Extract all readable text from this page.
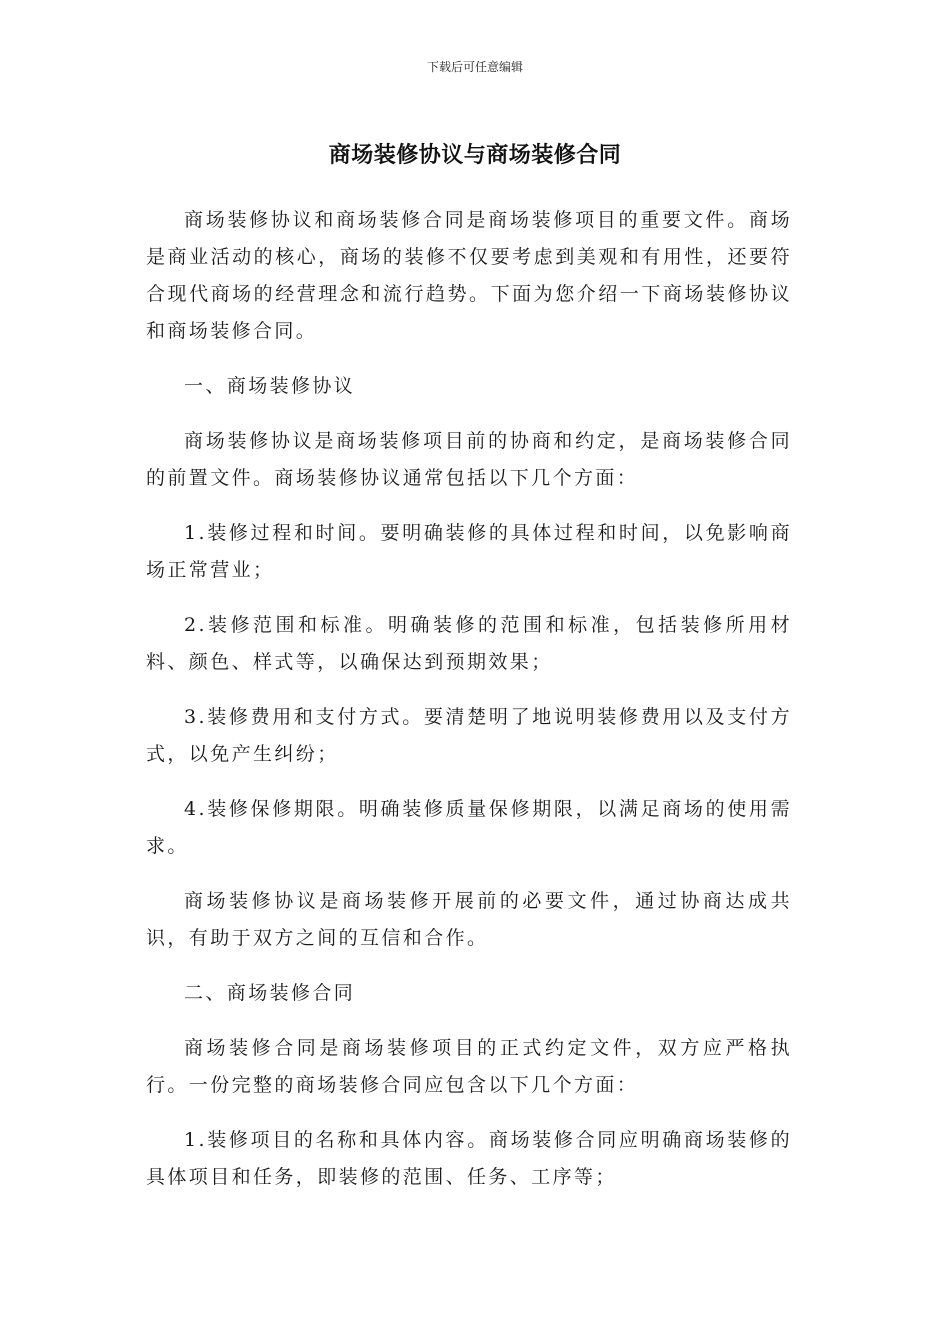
下载后可任意编辑
商场装修协议与商场装修合同

商场装修协议和商场装修合同是商场装修项目的重要文件。商场是商业活动的核心，商场的装修不仅要考虑到美观和有用性，还要符合现代商场的经营理念和流行趋势。下面为您介绍一下商场装修协议和商场装修合同。

一、商场装修协议

商场装修协议是商场装修项目前的协商和约定，是商场装修合同的前置文件。商场装修协议通常包括以下几个方面：

1.装修过程和时间。要明确装修的具体过程和时间，以免影响商场正常营业；

2.装修范围和标准。明确装修的范围和标准，包括装修所用材料、颜色、样式等，以确保达到预期效果；

3.装修费用和支付方式。要清楚明了地说明装修费用以及支付方式，以免产生纠纷；

4.装修保修期限。明确装修质量保修期限，以满足商场的使用需求。

商场装修协议是商场装修开展前的必要文件，通过协商达成共识，有助于双方之间的互信和合作。

二、商场装修合同

商场装修合同是商场装修项目的正式约定文件，双方应严格执行。一份完整的商场装修合同应包含以下几个方面：

1.装修项目的名称和具体内容。商场装修合同应明确商场装修的具体项目和任务，即装修的范围、任务、工序等；
